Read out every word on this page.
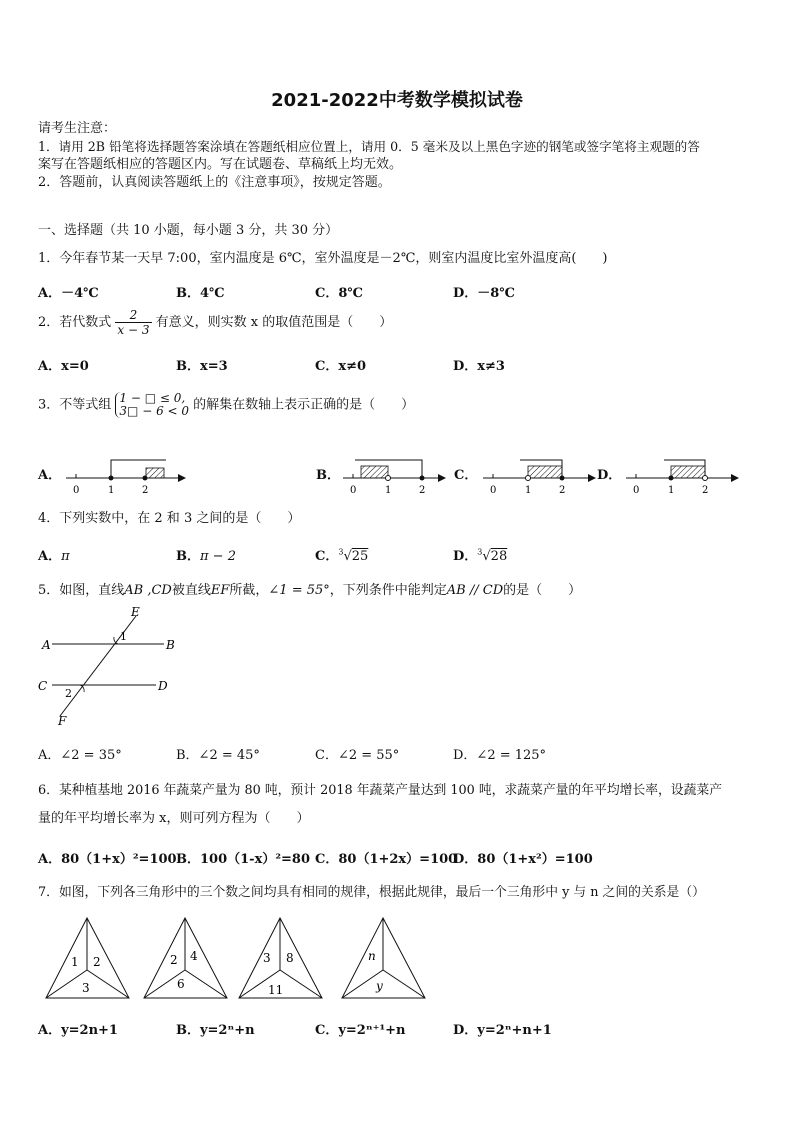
2021-2022中考数学模拟试卷
请考生注意：
1．请用 2B 铅笔将选择题答案涂填在答题纸相应位置上，请用 0．5 毫米及以上黑色字迹的钢笔或签字笔将主观题的答
案写在答题纸相应的答题区内。写在试题卷、草稿纸上均无效。
2．答题前，认真阅读答题纸上的《注意事项》，按规定答题。
一、选择题（共 10 小题，每小题 3 分，共 30 分）
1．今年春节某一天早 7:00，室内温度是 6℃，室外温度是－2℃，则室内温度比室外温度高(　　)
A．－4℃	B．4℃	C．8℃	D．－8℃
2．若代数式 $\frac{2}{x - 3}$ 有意义，则实数 x 的取值范围是（　　）
A．x=0	B．x=3	C．x≠0	D．x≠3
3．不等式组 1 − □ ≤ 0,
3□ − 6 < 0 的解集在数轴上表示正确的是（　　）
A．	B．	C．	D．
0	1	2	0	1	2	0	1	2	0	1	2
4．下列实数中，在 2 和 3 之间的是（　　）
A．π	B．π − 2	C．$^3$√25	D．$^3$√28
5．如图，直线AB ,CD被直线EF所截，∠1 = 55°，下列条件中能判定AB // CD的是（　　）
E
A	B
C	D
F
1
2
A．∠2 = 35°	B．∠2 = 45°	C．∠2 = 55°	D．∠2 = 125°
6．某种植基地 2016 年蔬菜产量为 80 吨，预计 2018 年蔬菜产量达到 100 吨，求蔬菜产量的年平均增长率，设蔬菜产
量的年平均增长率为 x，则可列方程为（　　）
A．80（1+x）²=100 B．100（1-x）²=80 C．80（1+2x）=100
D．80（1+x²）=100
7．如图，下列各三角形中的三个数之间均具有相同的规律，根据此规律，最后一个三角形中 y 与 n 之间的关系是（）
1 2
3
2 4
6
3 8
11
n
y
A．y=2n+1	B．y=2ⁿ+n	C．y=2ⁿ⁺¹+n	D．y=2ⁿ+n+1
